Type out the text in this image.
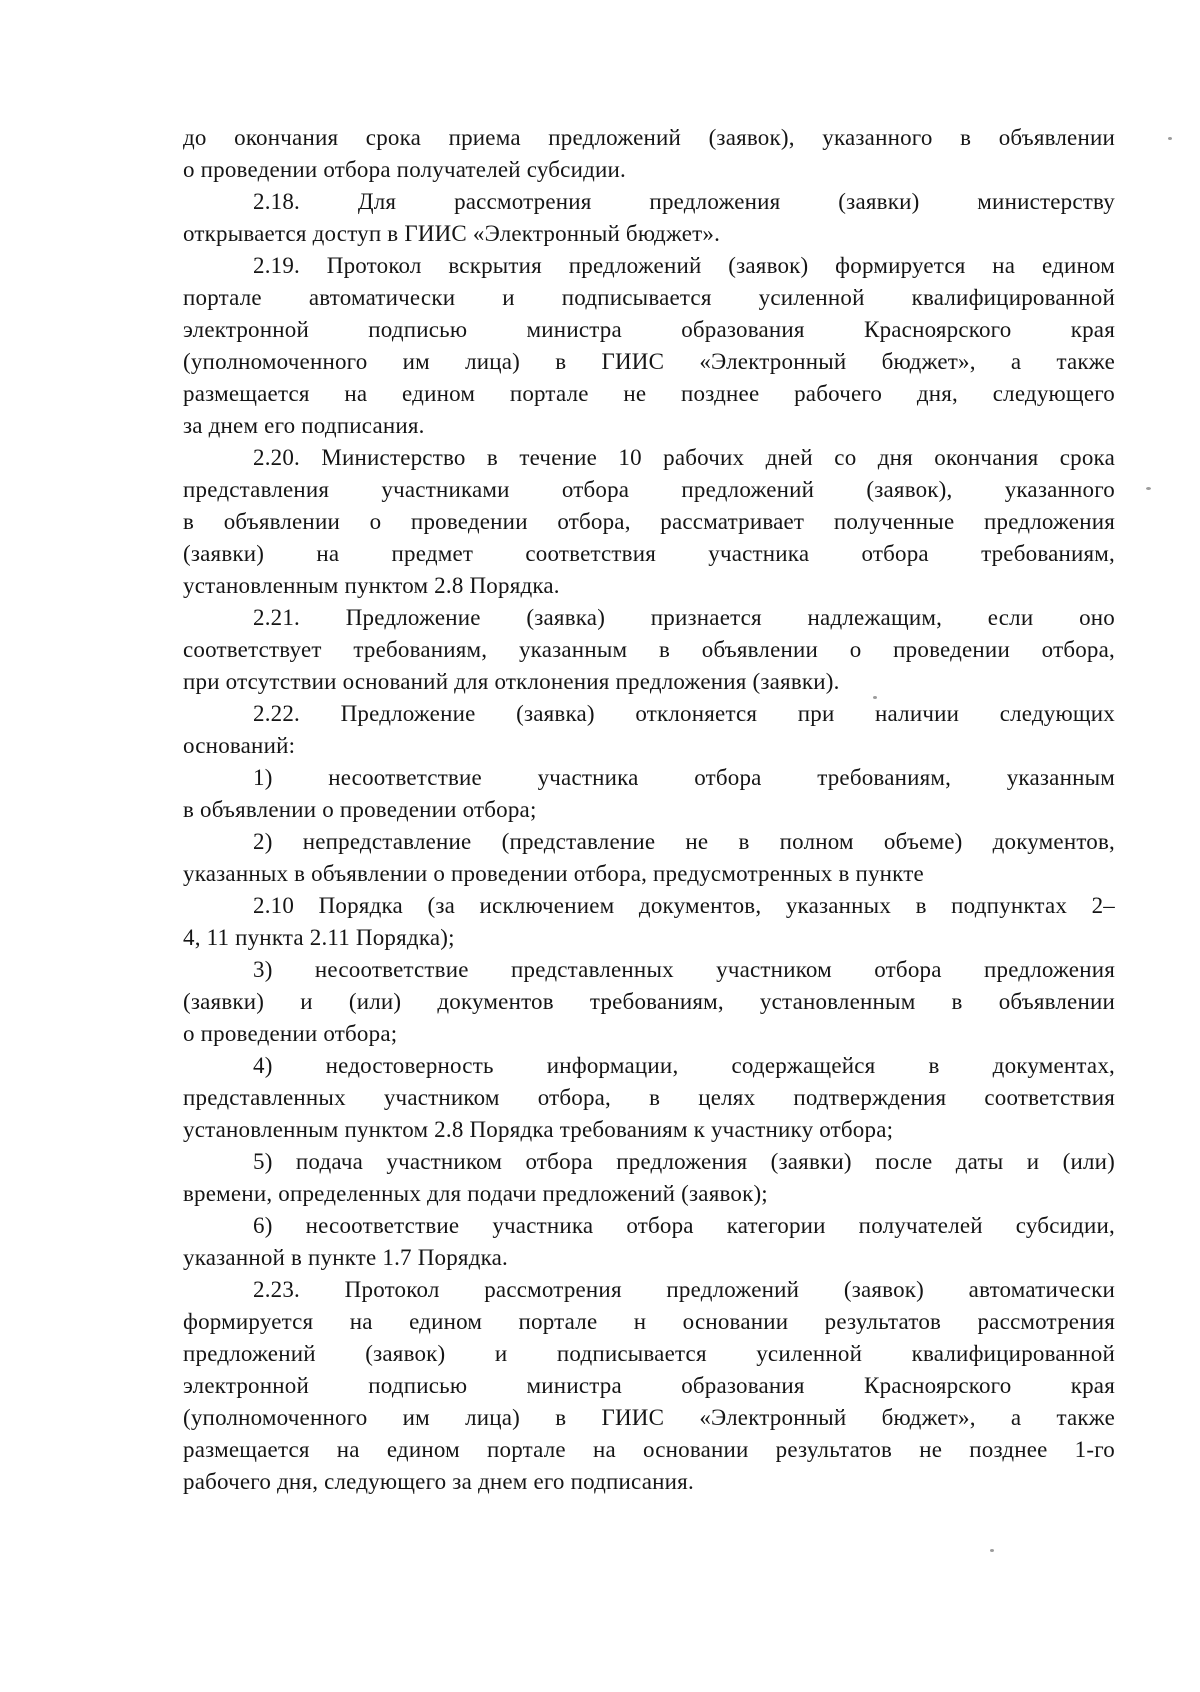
до окончания срока приема предложений (заявок), указанного в объявлении
о проведении отбора получателей субсидии.
2.18. Для рассмотрения предложения (заявки) министерству
открывается доступ в ГИИС «Электронный бюджет».
2.19. Протокол вскрытия предложений (заявок) формируется на едином
портале автоматически и подписывается усиленной квалифицированной
электронной подписью министра образования Красноярского края
(уполномоченного им лица) в ГИИС «Электронный бюджет», а также
размещается на едином портале не позднее рабочего дня, следующего
за днем его подписания.
2.20. Министерство в течение 10 рабочих дней со дня окончания срока
представления участниками отбора предложений (заявок), указанного
в объявлении о проведении отбора, рассматривает полученные предложения
(заявки) на предмет соответствия участника отбора требованиям,
установленным пунктом 2.8 Порядка.
2.21. Предложение (заявка) признается надлежащим, если оно
соответствует требованиям, указанным в объявлении о проведении отбора,
при отсутствии оснований для отклонения предложения (заявки).
2.22. Предложение (заявка) отклоняется при наличии следующих
оснований:
1) несоответствие участника отбора требованиям, указанным
в объявлении о проведении отбора;
2) непредставление (представление не в полном объеме) документов,
указанных в объявлении о проведении отбора, предусмотренных в пункте
2.10 Порядка (за исключением документов, указанных в подпунктах 2–
4, 11 пункта 2.11 Порядка);
3) несоответствие представленных участником отбора предложения
(заявки) и (или) документов требованиям, установленным в объявлении
о проведении отбора;
4) недостоверность информации, содержащейся в документах,
представленных участником отбора, в целях подтверждения соответствия
установленным пунктом 2.8 Порядка требованиям к участнику отбора;
5) подача участником отбора предложения (заявки) после даты и (или)
времени, определенных для подачи предложений (заявок);
6) несоответствие участника отбора категории получателей субсидии,
указанной в пункте 1.7 Порядка.
2.23. Протокол рассмотрения предложений (заявок) автоматически
формируется на едином портале н основании результатов рассмотрения
предложений (заявок) и подписывается усиленной квалифицированной
электронной подписью министра образования Красноярского края
(уполномоченного им лица) в ГИИС «Электронный бюджет», а также
размещается на едином портале на основании результатов не позднее 1-го
рабочего дня, следующего за днем его подписания.
